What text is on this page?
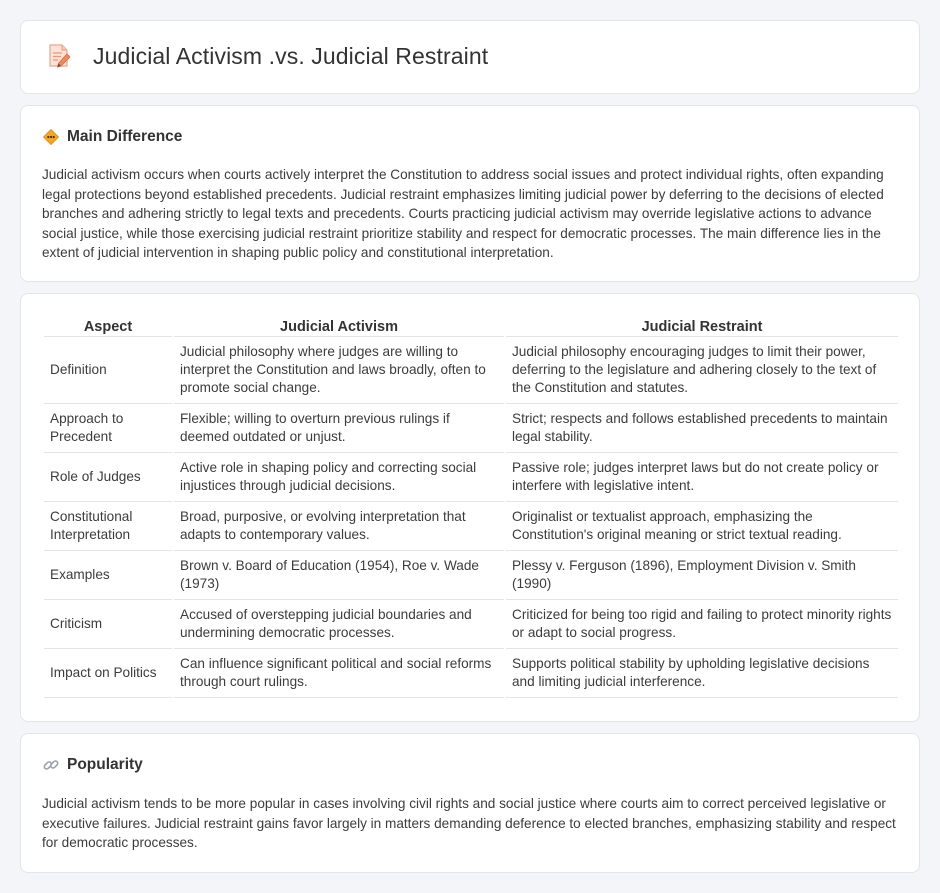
Judicial Activism .vs. Judicial Restraint
Main Difference

Judicial activism occurs when courts actively interpret the Constitution to address social issues and protect individual rights, often expanding legal protections beyond established precedents. Judicial restraint emphasizes limiting judicial power by deferring to the decisions of elected branches and adhering strictly to legal texts and precedents. Courts practicing judicial activism may override legislative actions to advance social justice, while those exercising judicial restraint prioritize stability and respect for democratic processes. The main difference lies in the extent of judicial intervention in shaping public policy and constitutional interpretation.

Aspect	Judicial Activism	Judicial Restraint
Definition	Judicial philosophy where judges are willing to interpret the Constitution and laws broadly, often to promote social change.	Judicial philosophy encouraging judges to limit their power, deferring to the legislature and adhering closely to the text of the Constitution and statutes.
Approach to Precedent	Flexible; willing to overturn previous rulings if deemed outdated or unjust.	Strict; respects and follows established precedents to maintain legal stability.
Role of Judges	Active role in shaping policy and correcting social injustices through judicial decisions.	Passive role; judges interpret laws but do not create policy or interfere with legislative intent.
Constitutional Interpretation	Broad, purposive, or evolving interpretation that adapts to contemporary values.	Originalist or textualist approach, emphasizing the Constitution's original meaning or strict textual reading.
Examples	Brown v. Board of Education (1954), Roe v. Wade (1973)	Plessy v. Ferguson (1896), Employment Division v. Smith (1990)
Criticism	Accused of overstepping judicial boundaries and undermining democratic processes.	Criticized for being too rigid and failing to protect minority rights or adapt to social progress.
Impact on Politics	Can influence significant political and social reforms through court rulings.	Supports political stability by upholding legislative decisions and limiting judicial interference.
Popularity

Judicial activism tends to be more popular in cases involving civil rights and social justice where courts aim to correct perceived legislative or executive failures. Judicial restraint gains favor largely in matters demanding deference to elected branches, emphasizing stability and respect for democratic processes.
